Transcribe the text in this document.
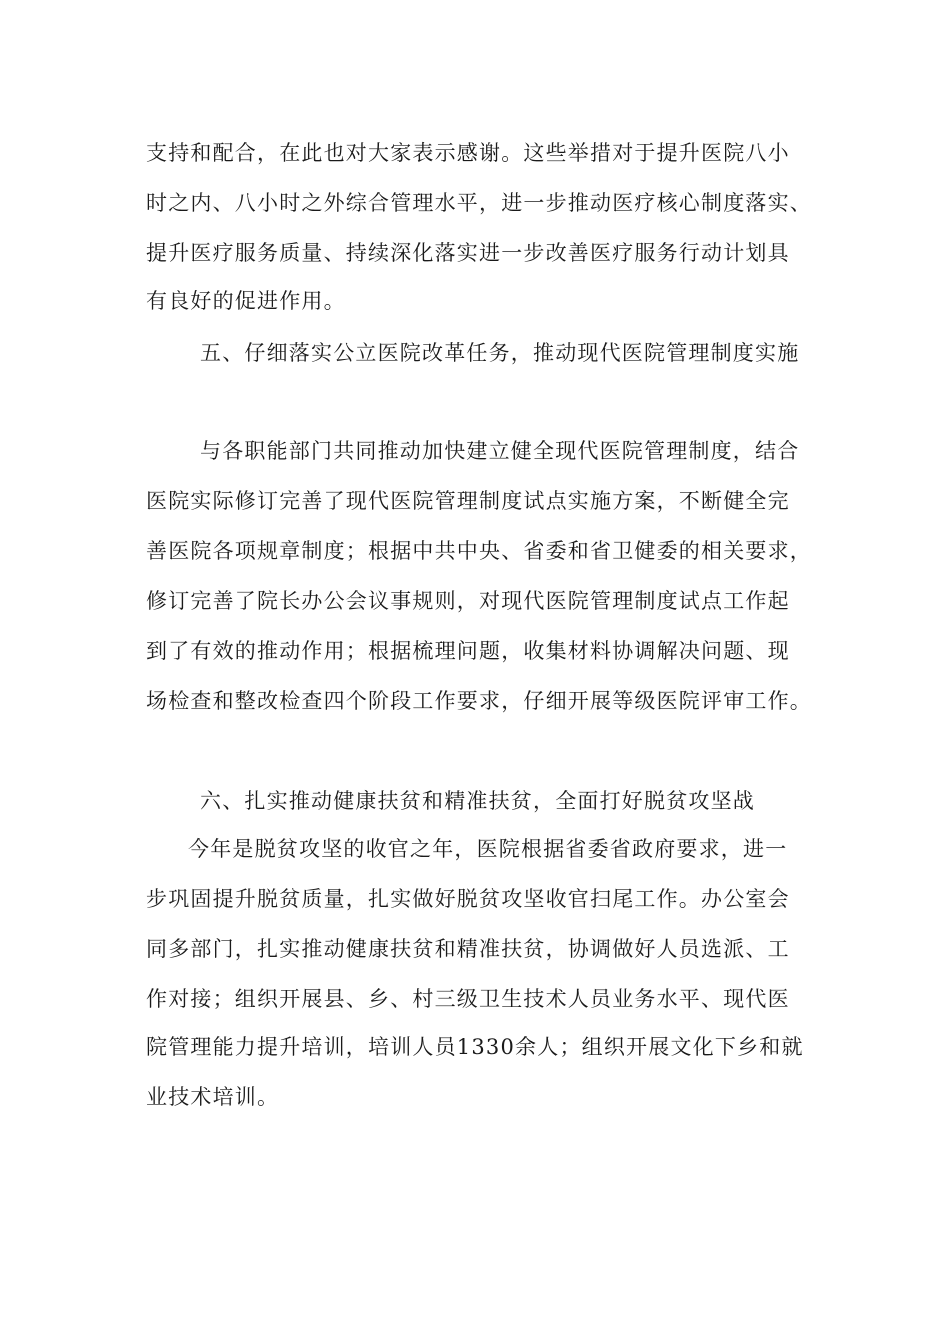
支持和配合，在此也对大家表示感谢。这些举措对于提升医院八小
时之内、八小时之外综合管理水平，进一步推动医疗核心制度落实、
提升医疗服务质量、持续深化落实进一步改善医疗服务行动计划具
有良好的促进作用。
五、仔细落实公立医院改革任务，推动现代医院管理制度实施
与各职能部门共同推动加快建立健全现代医院管理制度，结合
医院实际修订完善了现代医院管理制度试点实施方案，不断健全完
善医院各项规章制度；根据中共中央、省委和省卫健委的相关要求，
修订完善了院长办公会议事规则，对现代医院管理制度试点工作起
到了有效的推动作用；根据梳理问题，收集材料协调解决问题、现
场检查和整改检查四个阶段工作要求，仔细开展等级医院评审工作。
六、扎实推动健康扶贫和精准扶贫，全面打好脱贫攻坚战
今年是脱贫攻坚的收官之年，医院根据省委省政府要求，进一
步巩固提升脱贫质量，扎实做好脱贫攻坚收官扫尾工作。办公室会
同多部门，扎实推动健康扶贫和精准扶贫，协调做好人员选派、工
作对接；组织开展县、乡、村三级卫生技术人员业务水平、现代医
院管理能力提升培训，培训人员1330余人；组织开展文化下乡和就
业技术培训。
